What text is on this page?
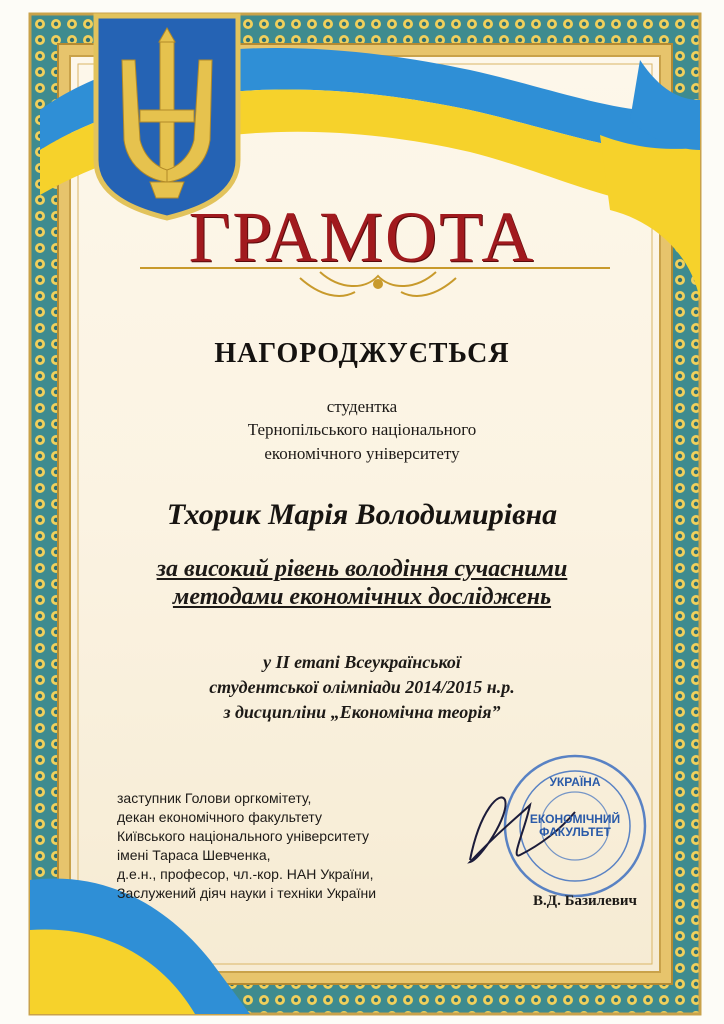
ГРАМОТА
НАГОРОДЖУЄТЬСЯ
студентка
Тернопільського національного
економічного університету
Тхорик Марія Володимирівна
за високий рівень володіння сучасними
методами економічних досліджень
у ІІ етапі Всеукраїнської
студентської олімпіади 2014/2015 н.р.
з дисципліни „Економічна теорія”
заступник Голови оргкомітету,
декан економічного факультету
Київського національного університету
імені Тараса Шевченка,
д.е.н., професор, чл.-кор. НАН України,
Заслужений діяч науки і техніки України	В.Д. Базилевич
УКРАЇНА
ЕКОНОМІЧНИЙ
ФАКУЛЬТЕТ
